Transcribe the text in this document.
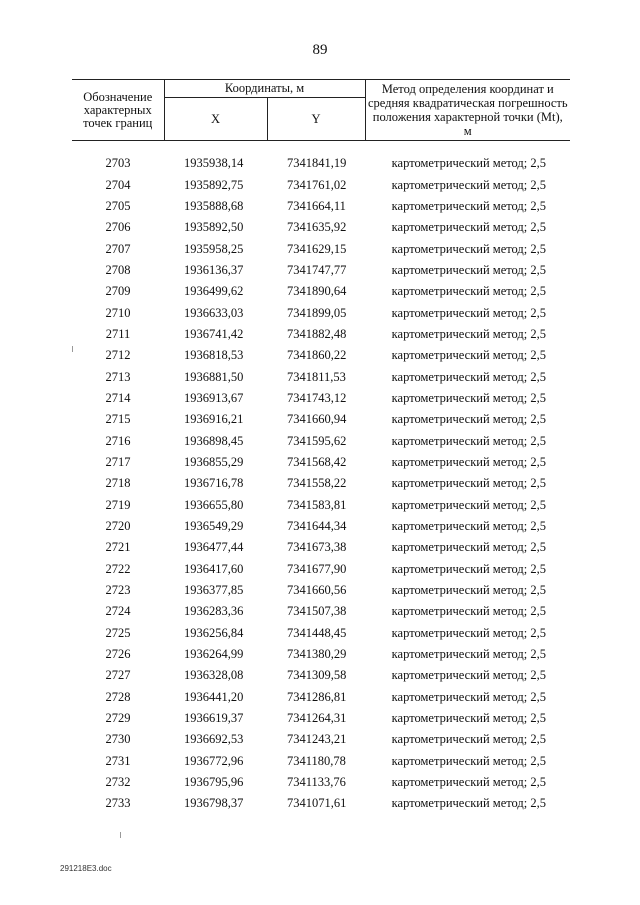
89
Обозначение характерных точек границ	Координаты, м		Метод определения координат и средняя квадратическая погрешность положения характерной точки (Mt), м
	X	Y	
2703	1935938,14	7341841,19	картометрический метод; 2,5
2704	1935892,75	7341761,02	картометрический метод; 2,5
2705	1935888,68	7341664,11	картометрический метод; 2,5
2706	1935892,50	7341635,92	картометрический метод; 2,5
2707	1935958,25	7341629,15	картометрический метод; 2,5
2708	1936136,37	7341747,77	картометрический метод; 2,5
2709	1936499,62	7341890,64	картометрический метод; 2,5
2710	1936633,03	7341899,05	картометрический метод; 2,5
2711	1936741,42	7341882,48	картометрический метод; 2,5
2712	1936818,53	7341860,22	картометрический метод; 2,5
2713	1936881,50	7341811,53	картометрический метод; 2,5
2714	1936913,67	7341743,12	картометрический метод; 2,5
2715	1936916,21	7341660,94	картометрический метод; 2,5
2716	1936898,45	7341595,62	картометрический метод; 2,5
2717	1936855,29	7341568,42	картометрический метод; 2,5
2718	1936716,78	7341558,22	картометрический метод; 2,5
2719	1936655,80	7341583,81	картометрический метод; 2,5
2720	1936549,29	7341644,34	картометрический метод; 2,5
2721	1936477,44	7341673,38	картометрический метод; 2,5
2722	1936417,60	7341677,90	картометрический метод; 2,5
2723	1936377,85	7341660,56	картометрический метод; 2,5
2724	1936283,36	7341507,38	картометрический метод; 2,5
2725	1936256,84	7341448,45	картометрический метод; 2,5
2726	1936264,99	7341380,29	картометрический метод; 2,5
2727	1936328,08	7341309,58	картометрический метод; 2,5
2728	1936441,20	7341286,81	картометрический метод; 2,5
2729	1936619,37	7341264,31	картометрический метод; 2,5
2730	1936692,53	7341243,21	картометрический метод; 2,5
2731	1936772,96	7341180,78	картометрический метод; 2,5
2732	1936795,96	7341133,76	картометрический метод; 2,5
2733	1936798,37	7341071,61	картометрический метод; 2,5
291218E3.doc
